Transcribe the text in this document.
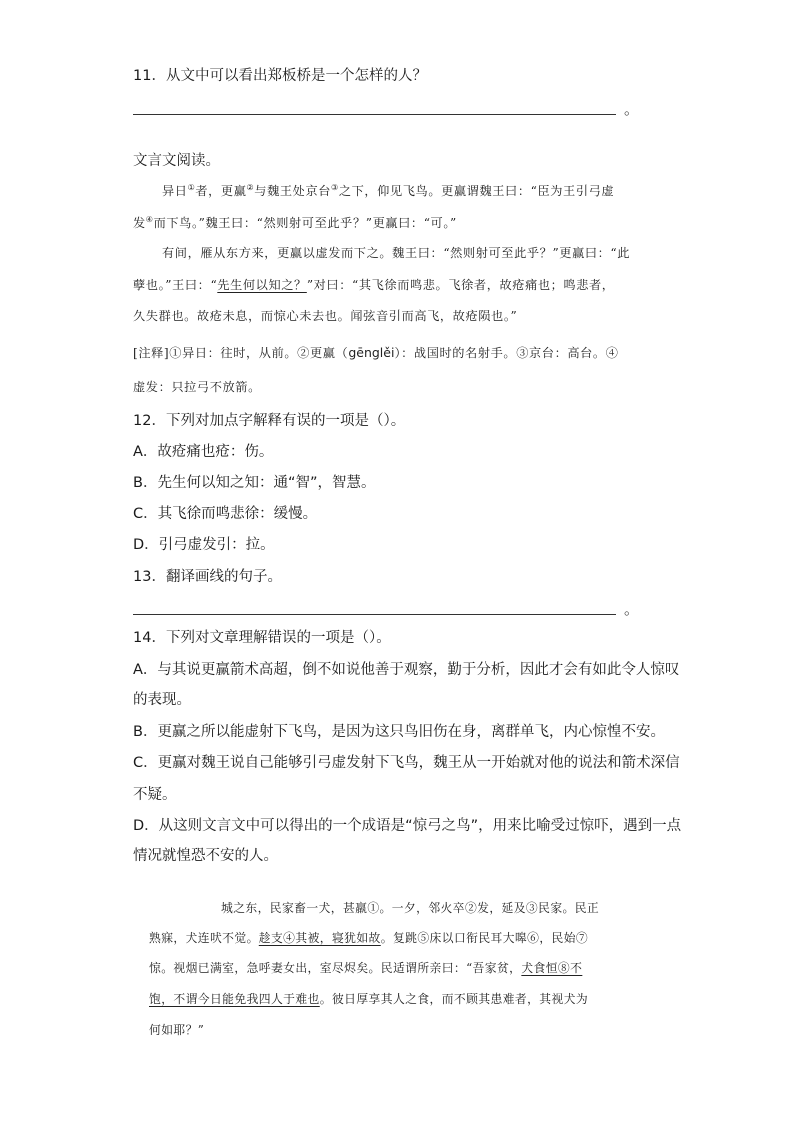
11．从文中可以看出郑板桥是一个怎样的人？
。
文言文阅读。
异日①者，更赢②与魏王处京台③之下，仰见飞鸟。更赢谓魏王曰：“臣为王引弓虚
发④而下鸟。”魏王曰：“然则射可至此乎？”更赢曰：“可。”
有间，雁从东方来，更赢以虚发而下之。魏王曰：“然则射可至此乎？”更赢曰：“此
孽也。”王曰：“先生何以知之？”对曰：“其飞徐而鸣悲。飞徐者，故疮痛也；鸣悲者，
久失群也。故疮未息，而惊心未去也。闻弦音引而高飞，故疮陨也。”
[注释]①异日：往时，从前。②更赢（gēnglěi）：战国时的名射手。③京台：高台。④
虚发：只拉弓不放箭。
12．下列对加点字解释有误的一项是（）。
A．故疮痛也疮：伤。
B．先生何以知之知：通“智”，智慧。
C．其飞徐而鸣悲徐：缓慢。
D．引弓虚发引：拉。
13．翻译画线的句子。
。
14．下列对文章理解错误的一项是（）。
A．与其说更赢箭术高超，倒不如说他善于观察，勤于分析，因此才会有如此令人惊叹
的表现。
B．更赢之所以能虚射下飞鸟，是因为这只鸟旧伤在身，离群单飞，内心惊惶不安。
C．更赢对魏王说自己能够引弓虚发射下飞鸟，魏王从一开始就对他的说法和箭术深信
不疑。
D．从这则文言文中可以得出的一个成语是“惊弓之鸟”，用来比喻受过惊吓，遇到一点
情况就惶恐不安的人。
城之东，民家畜一犬，甚羸①。一夕，邻火卒②发，延及③民家。民正
熟寐，犬连吠不觉。趁支④其被，寝犹如故。复跳⑤床以口衔民耳大嗥⑥，民始⑦
惊。视烟已满室，急呼妻女出，室尽烬矣。民适谓所亲曰：“吾家贫，犬食恒⑧不
饱，不谓今日能免我四人于难也。彼日厚享其人之食，而不顾其患难者，其视犬为
何如耶？”
